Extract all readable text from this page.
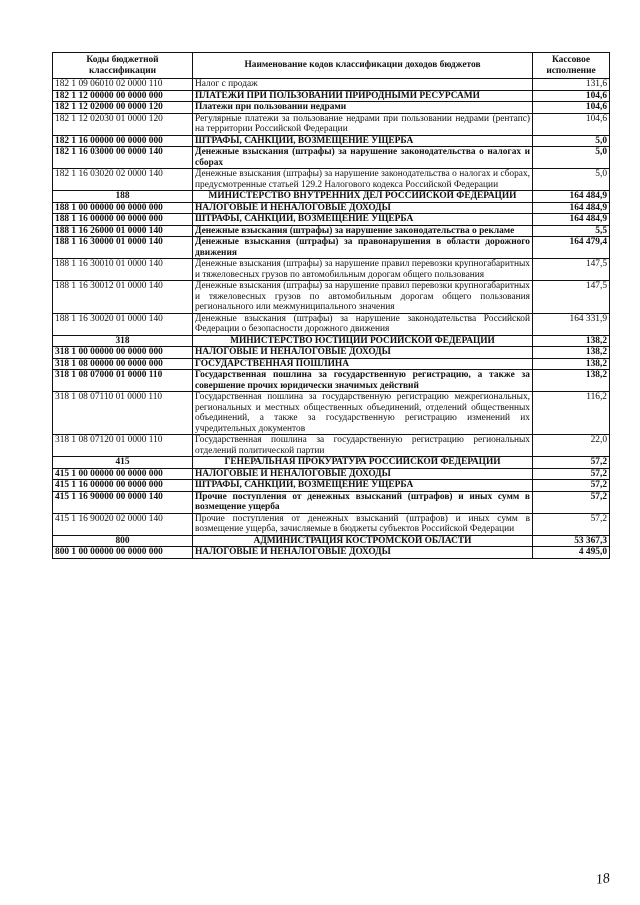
Коды бюджетной классификации	Наименование кодов классификации доходов бюджетов	Кассовое исполнение
182 1 09 06010 02 0000 110	Налог с продаж	131,6
182 1 12 00000 00 0000 000	ПЛАТЕЖИ ПРИ ПОЛЬЗОВАНИИ ПРИРОДНЫМИ РЕСУРСАМИ	104,6
182 1 12 02000 00 0000 120	Платежи при пользовании недрами	104,6
182 1 12 02030 01 0000 120	Регулярные платежи за пользование недрами при пользовании недрами (рентапс) на территории Российской Федерации	104,6
182 1 16 00000 00 0000 000	ШТРАФЫ, САНКЦИИ, ВОЗМЕЩЕНИЕ УЩЕРБА	5,0
182 1 16 03000 00 0000 140	Денежные взыскания (штрафы) за нарушение законодательства о налогах и сборах	5,0
182 1 16 03020 02 0000 140	Денежные взыскания (штрафы) за нарушение законодательства о налогах и сборах, предусмотренные статьей 129.2 Налогового кодекса Российской Федерации	5,0
188	МИНИСТЕРСТВО ВНУТРЕННИХ ДЕЛ РОССИЙСКОЙ ФЕДЕРАЦИИ	164 484,9
188 1 00 00000 00 0000 000	НАЛОГОВЫЕ И НЕНАЛОГОВЫЕ ДОХОДЫ	164 484,9
188 1 16 00000 00 0000 000	ШТРАФЫ, САНКЦИИ, ВОЗМЕЩЕНИЕ УЩЕРБА	164 484,9
188 1 16 26000 01 0000 140	Денежные взыскания (штрафы) за нарушение законодательства о рекламе	5,5
188 1 16 30000 01 0000 140	Денежные взыскания (штрафы) за правонарушения в области дорожного движения	164 479,4
188 1 16 30010 01 0000 140	Денежные взыскания (штрафы) за нарушение правил перевозки крупногабаритных и тяжеловесных грузов по автомобильным дорогам общего пользования	147,5
188 1 16 30012 01 0000 140	Денежные взыскания (штрафы) за нарушение правил перевозки крупногабаритных и тяжеловесных грузов по автомобильным дорогам общего пользования регионального или межмуниципального значения	147,5
188 1 16 30020 01 0000 140	Денежные взыскания (штрафы) за нарушение законодательства Российской Федерации о безопасности дорожного движения	164 331,9
318	МИНИСТЕРСТВО ЮСТИЦИИ РОСИЙСКОЙ ФЕДЕРАЦИИ	138,2
318 1 00 00000 00 0000 000	НАЛОГОВЫЕ И НЕНАЛОГОВЫЕ ДОХОДЫ	138,2
318 1 08 00000 00 0000 000	ГОСУДАРСТВЕННАЯ ПОШЛИНА	138,2
318 1 08 07000 01 0000 110	Государственная пошлина за государственную регистрацию, а также за совершение прочих юридически значимых действий	138,2
318 1 08 07110 01 0000 110	Государственная пошлина за государственную регистрацию межрегиональных, региональных и местных общественных объединений, отделений общественных объединений, а также за государственную регистрацию изменений их учредительных документов	116,2
318 1 08 07120 01 0000 110	Государственная пошлина за государственную регистрацию региональных отделений политической партии	22,0
415	ГЕНЕРАЛЬНАЯ ПРОКУРАТУРА РОССИЙСКОЙ ФЕДЕРАЦИИ	57,2
415 1 00 00000 00 0000 000	НАЛОГОВЫЕ И НЕНАЛОГОВЫЕ ДОХОДЫ	57,2
415 1 16 00000 00 0000 000	ШТРАФЫ, САНКЦИИ, ВОЗМЕЩЕНИЕ УЩЕРБА	57,2
415 1 16 90000 00 0000 140	Прочие поступления от денежных взысканий (штрафов) и иных сумм в возмещение ущерба	57,2
415 1 16 90020 02 0000 140	Прочие поступления от денежных взысканий (штрафов) и иных сумм в возмещение ущерба, зачисляемые в бюджеты субъектов Российской Федерации	57,2
800	АДМИНИСТРАЦИЯ КОСТРОМСКОЙ ОБЛАСТИ	53 367,3
800 1 00 00000 00 0000 000	НАЛОГОВЫЕ И НЕНАЛОГОВЫЕ ДОХОДЫ	4 495,0
18
